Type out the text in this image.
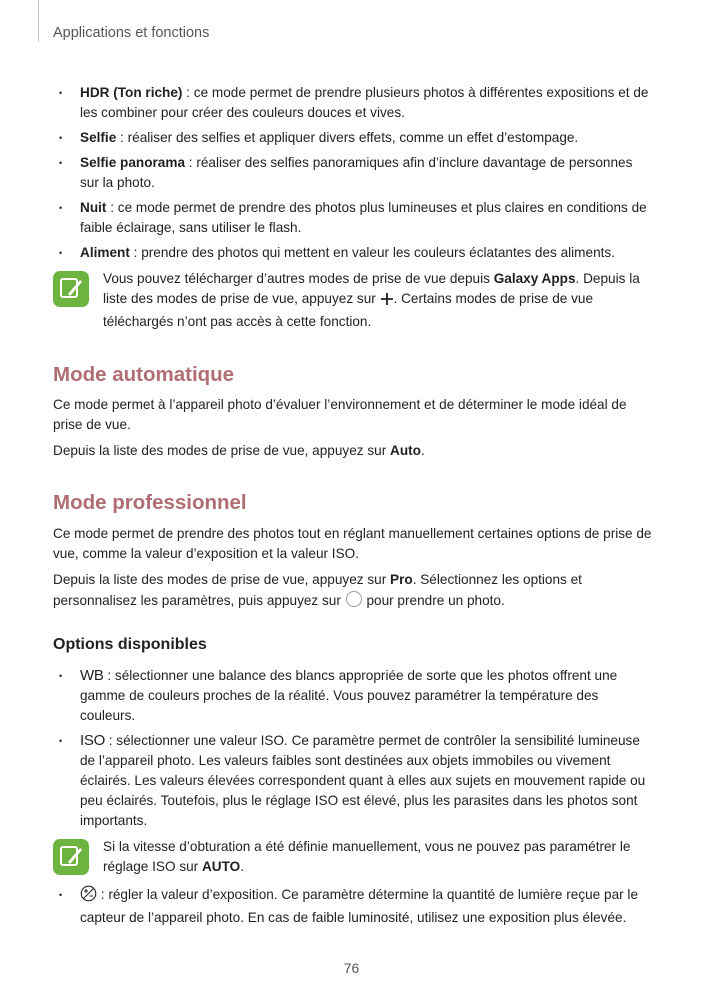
Applications et fonctions
• HDR (Ton riche) : ce mode permet de prendre plusieurs photos à différentes expositions et de les combiner pour créer des couleurs douces et vives.
• Selfie : réaliser des selfies et appliquer divers effets, comme un effet d’estompage.
• Selfie panorama : réaliser des selfies panoramiques afin d’inclure davantage de personnes sur la photo.
• Nuit : ce mode permet de prendre des photos plus lumineuses et plus claires en conditions de faible éclairage, sans utiliser le flash.
• Aliment : prendre des photos qui mettent en valeur les couleurs éclatantes des aliments.

Vous pouvez télécharger d’autres modes de prise de vue depuis Galaxy Apps. Depuis la liste des modes de prise de vue, appuyez sur . Certains modes de prise de vue téléchargés n’ont pas accès à cette fonction.

Mode automatique

Ce mode permet à l’appareil photo d’évaluer l’environnement et de déterminer le mode idéal de prise de vue.

Depuis la liste des modes de prise de vue, appuyez sur Auto.

Mode professionnel

Ce mode permet de prendre des photos tout en réglant manuellement certaines options de prise de vue, comme la valeur d’exposition et la valeur ISO.

Depuis la liste des modes de prise de vue, appuyez sur Pro. Sélectionnez les options et personnalisez les paramètres, puis appuyez sur  pour prendre un photo.

Options disponibles
• WB : sélectionner une balance des blancs appropriée de sorte que les photos offrent une gamme de couleurs proches de la réalité. Vous pouvez paramétrer la température des couleurs.
• ISO : sélectionner une valeur ISO. Ce paramètre permet de contrôler la sensibilité lumineuse de l’appareil photo. Les valeurs faibles sont destinées aux objets immobiles ou vivement éclairés. Les valeurs élevées correspondent quant à elles aux sujets en mouvement rapide ou peu éclairés. Toutefois, plus le réglage ISO est élevé, plus les parasites dans les photos sont importants.

Si la vitesse d’obturation a été définie manuellement, vous ne pouvez pas paramétrer le réglage ISO sur AUTO.

• : régler la valeur d’exposition. Ce paramètre détermine la quantité de lumière reçue par le capteur de l’appareil photo. En cas de faible luminosité, utilisez une exposition plus élevée.
76
